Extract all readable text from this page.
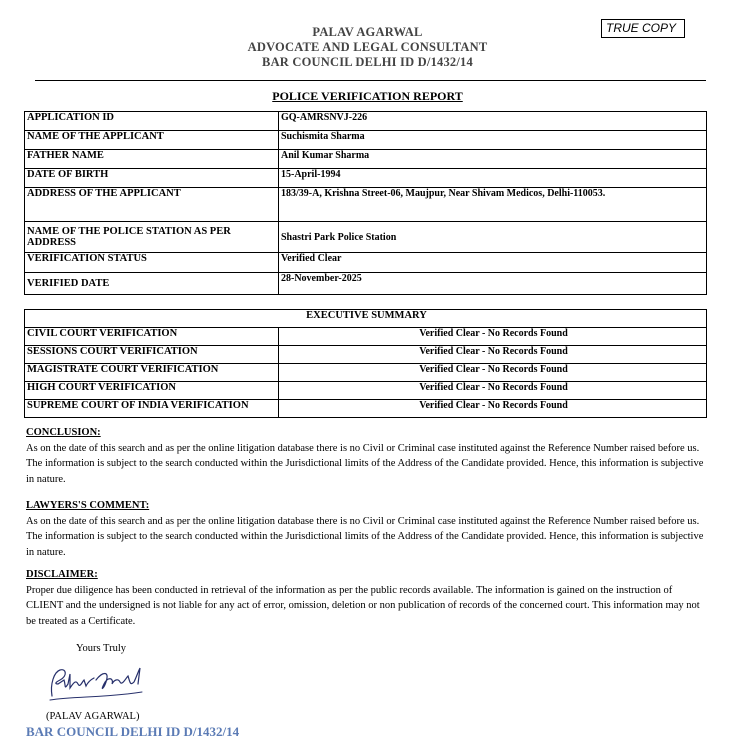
PALAV AGARWAL
ADVOCATE AND LEGAL CONSULTANT
BAR COUNCIL DELHI ID D/1432/14
TRUE COPY
POLICE VERIFICATION REPORT
APPLICATION ID	GQ-AMRSNVJ-226
NAME OF THE APPLICANT	Suchismita Sharma
FATHER NAME	Anil Kumar Sharma
DATE OF BIRTH	15-April-1994
ADDRESS OF THE APPLICANT	183/39-A, Krishna Street-06, Maujpur, Near Shivam Medicos, Delhi-110053.
NAME OF THE POLICE STATION AS PER ADDRESS	Shastri Park Police Station
VERIFICATION STATUS	Verified Clear
VERIFIED DATE	28-November-2025
EXECUTIVE SUMMARY	
CIVIL COURT VERIFICATION	Verified Clear - No Records Found
SESSIONS COURT VERIFICATION	Verified Clear - No Records Found
MAGISTRATE COURT VERIFICATION	Verified Clear - No Records Found
HIGH COURT VERIFICATION	Verified Clear - No Records Found
SUPREME COURT OF INDIA VERIFICATION	Verified Clear - No Records Found
CONCLUSION:
As on the date of this search and as per the online litigation database there is no Civil or Criminal case instituted against the Reference Number raised before us. The information is subject to the search conducted within the Jurisdictional limits of the Address of the Candidate provided. Hence, this information is subjective in nature.
LAWYERS'S COMMENT:
As on the date of this search and as per the online litigation database there is no Civil or Criminal case instituted against the Reference Number raised before us. The information is subject to the search conducted within the Jurisdictional limits of the Address of the Candidate provided. Hence, this information is subjective in nature.
DISCLAIMER:
Proper due diligence has been conducted in retrieval of the information as per the public records available. The information is gained on the instruction of CLIENT and the undersigned is not liable for any act of error, omission, deletion or non publication of records of the concerned court. This information may not be treated as a Certificate.
Yours Truly
(PALAV AGARWAL)
BAR COUNCIL DELHI ID D/1432/14
